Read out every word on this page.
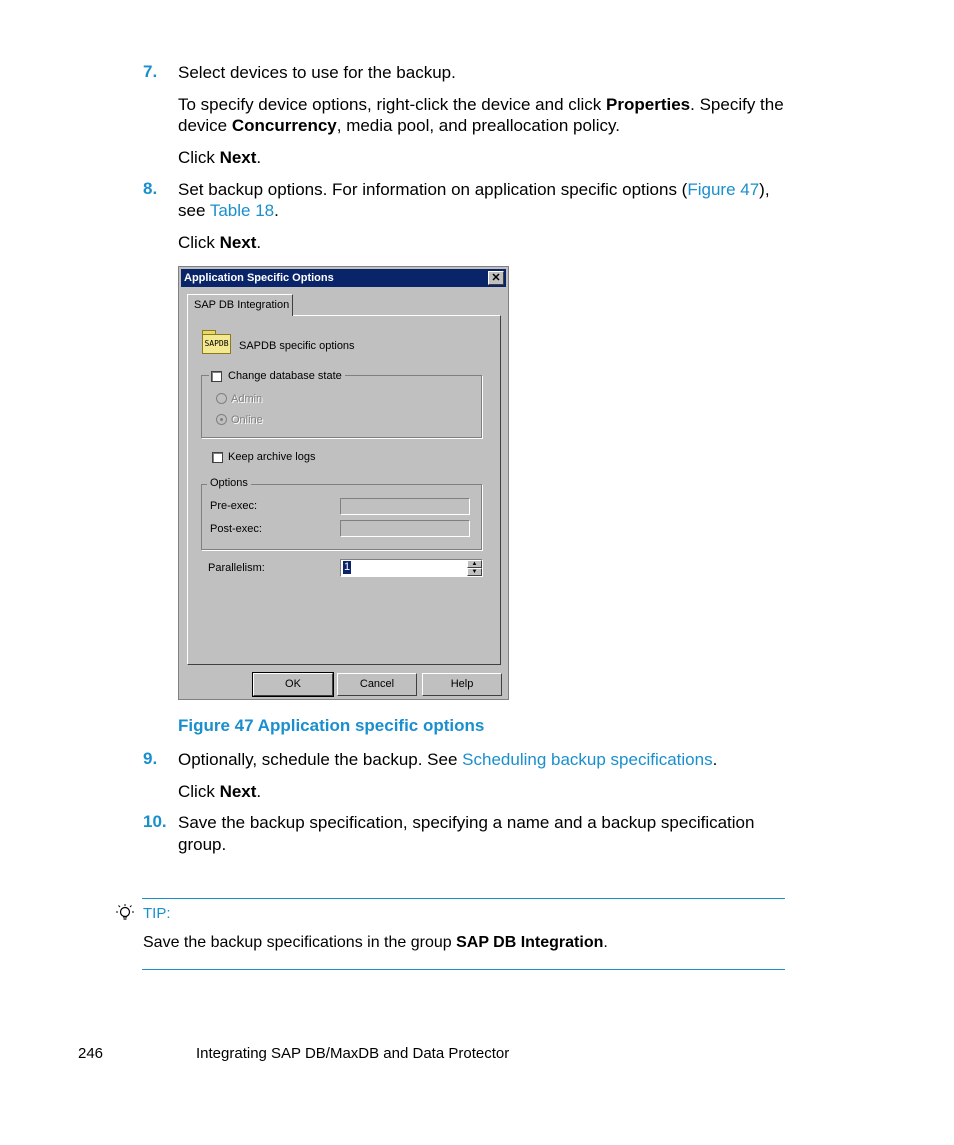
7. Select devices to use for the backup.
To specify device options, right-click the device and click Properties. Specify the
device Concurrency, media pool, and preallocation policy.
Click Next.
8. Set backup options. For information on application specific options (Figure 47),
see Table 18.
Click Next.
Application Specific Options	✕
SAP DB Integration
SAPDB SAPDB specific options
Change database state
Admin
Online
Keep archive logs
Options
Pre-exec:
Post-exec:
Parallelism:	1	▲
▼
OK	Cancel	Help
Figure 47 Application specific options
9. Optionally, schedule the backup. See Scheduling backup specifications.
Click Next.
10. Save the backup specification, specifying a name and a backup specification
group.
TIP:
Save the backup specifications in the group SAP DB Integration.
246	Integrating SAP DB/MaxDB and Data Protector
